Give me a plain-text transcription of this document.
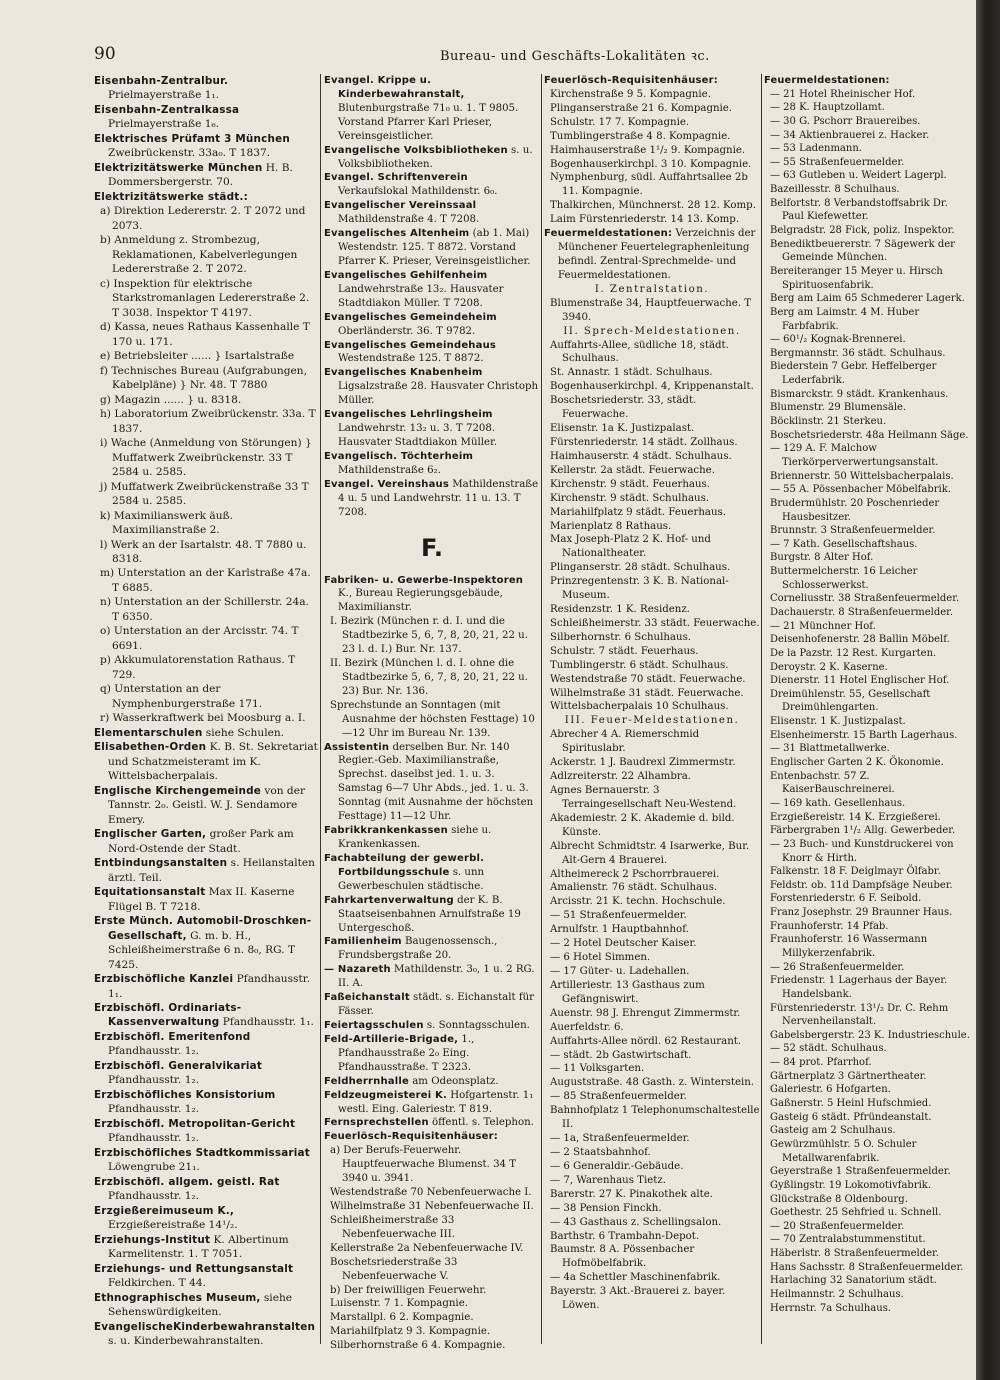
90	Bureau- und Geschäfts-Lokalitäten ꝛc.
Eisenbahn-Zentralbur. Prielmayerstraße 1₁.
Eisenbahn-Zentralkassa Prielmayerstraße 1₆.
Elektrisches Prüfamt 3 München Zweibrückenstr. 33a₀. T 1837.
Elektrizitätswerke München H. B. Dommersbergerstr. 70.
Elektrizitätswerke städt.:
a) Direktion Ledererstr. 2. T 2072 und 2073.
b) Anmeldung z. Strombezug, Reklamationen, Kabelverlegungen Ledererstraße 2. T 2072.
c) Inspektion für elektrische Starkstromanlagen Ledererstraße 2. T 3038. Inspektor T 4197.
d) Kassa, neues Rathaus Kassenhalle T 170 u. 171.
e) Betriebsleiter ...... } Isartalstraße
f) Technisches Bureau (Aufgrabungen, Kabelpläne) } Nr. 48. T 7880
g) Magazin ...... } u. 8318.
h) Laboratorium Zweibrückenstr. 33a. T 1837.
i) Wache (Anmeldung von Störungen) } Muffatwerk Zweibrückenstr. 33 T 2584 u. 2585.
j) Muffatwerk Zweibrückenstraße 33 T 2584 u. 2585.
k) Maximilianswerk äuß. Maximilianstraße 2.
l) Werk an der Isartalstr. 48. T 7880 u. 8318.
m) Unterstation an der Karlstraße 47a. T 6885.
n) Unterstation an der Schillerstr. 24a. T 6350.
o) Unterstation an der Arcisstr. 74. T 6691.
p) Akkumulatorenstation Rathaus. T 729.
q) Unterstation an der Nymphenburgerstraße 171.
r) Wasserkraftwerk bei Moosburg a. I.
Elementarschulen siehe Schulen.
Elisabethen-Orden K. B. St. Sekretariat und Schatzmeisteramt im K. Wittelsbacherpalais.
Englische Kirchengemeinde von der Tannstr. 2₀. Geistl. W. J. Sendamore Emery.
Englischer Garten, großer Park am Nord-Ostende der Stadt.
Entbindungsanstalten s. Heilanstalten ärztl. Teil.
Equitationsanstalt Max II. Kaserne Flügel B. T 7218.
Erste Münch. Automobil-Droschken-Gesellschaft, G. m. b. H., Schleißheimerstraße 6 n. 8₀, RG. T 7425.
Erzbischöfliche Kanzlei Pfandhausstr. 1₁.
Erzbischöfl. Ordinariats-Kassenverwaltung Pfandhausstr. 1₁.
Erzbischöfl. Emeritenfond Pfandhausstr. 1₂.
Erzbischöfl. Generalvikariat Pfandhausstr. 1₂.
Erzbischöfliches Konsistorium Pfandhausstr. 1₂.
Erzbischöfl. Metropolitan-Gericht Pfandhausstr. 1₂.
Erzbischöfliches Stadtkommissariat Löwengrube 21₁.
Erzbischöfl. allgem. geistl. Rat Pfandhausstr. 1₂.
Erzgießereimuseum K., Erzgießereistraße 14¹/₂.
Erziehungs-Institut K. Albertinum Karmelitenstr. 1. T 7051.
Erziehungs- und Rettungsanstalt Feldkirchen. T 44.
Ethnographisches Museum, siehe Sehenswürdigkeiten.
EvangelischeKinderbewahranstalten s. u. Kinderbewahranstalten.
Evangel. Krippe u. Kinderbewahranstalt, Blutenburgstraße 71₀ u. 1. T 9805. Vorstand Pfarrer Karl Prieser, Vereinsgeistlicher.
Evangelische Volksbibliotheken s. u. Volksbibliotheken.
Evangel. Schriftenverein Verkaufslokal Mathildenstr. 6₀.
Evangelischer Vereinssaal Mathildenstraße 4. T 7208.
Evangelisches Altenheim (ab 1. Mai) Westendstr. 125. T 8872. Vorstand Pfarrer K. Prieser, Vereinsgeistlicher.
Evangelisches Gehilfenheim Landwehrstraße 13₂. Hausvater Stadtdiakon Müller. T 7208.
Evangelisches Gemeindeheim Oberländerstr. 36. T 9782.
Evangelisches Gemeindehaus Westendstraße 125. T 8872.
Evangelisches Knabenheim Ligsalzstraße 28. Hausvater Christoph Müller.
Evangelisches Lehrlingsheim Landwehrstr. 13₂ u. 3. T 7208. Hausvater Stadtdiakon Müller.
Evangelisch. Töchterheim Mathildenstraße 6₂.
Evangel. Vereinshaus Mathildenstraße 4 u. 5 und Landwehrstr. 11 u. 13. T 7208.
F.
Fabriken- u. Gewerbe-Inspektoren K., Bureau Regierungsgebäude, Maximilianstr.
I. Bezirk (München r. d. I. und die Stadtbezirke 5, 6, 7, 8, 20, 21, 22 u. 23 l. d. I.) Bur. Nr. 137.
II. Bezirk (München l. d. I. ohne die Stadtbezirke 5, 6, 7, 8, 20, 21, 22 u. 23) Bur. Nr. 136.
Sprechstunde an Sonntagen (mit Ausnahme der höchsten Festtage) 10—12 Uhr im Bureau Nr. 139.
Assistentin derselben Bur. Nr. 140 Regier.-Geb. Maximilianstraße, Sprechst. daselbst jed. 1. u. 3. Samstag 6—7 Uhr Abds., jed. 1. u. 3. Sonntag (mit Ausnahme der höchsten Festtage) 11—12 Uhr.
Fabrikkrankenkassen siehe u. Krankenkassen.
Fachabteilung der gewerbl. Fortbildungsschule s. unn Gewerbeschulen städtische.
Fahrkartenverwaltung der K. B. Staatseisenbahnen Arnulfstraße 19 Untergeschoß.
Familienheim Baugenossensch., Frundsbergstraße 20.
— Nazareth Mathildenstr. 3₀, 1 u. 2 RG. II. A.
Faßeichanstalt städt. s. Eichanstalt für Fässer.
Feiertagsschulen s. Sonntagsschulen.
Feld-Artillerie-Brigade, 1., Pfandhausstraße 2₀ Eing. Pfandhausstraße. T 2323.
Feldherrnhalle am Odeonsplatz.
Feldzeugmeisterei K. Hofgartenstr. 1₁ westl. Eing. Galeriestr. T 819.
Fernsprechstellen öffentl. s. Telephon.
Feuerlösch-Requisitenhäuser:
a) Der Berufs-Feuerwehr. Hauptfeuerwache Blumenst. 34 T 3940 u. 3941.
Westendstraße 70 Nebenfeuerwache I.
Wilhelmstraße 31 Nebenfeuerwache II.
Schleißheimerstraße 33 Nebenfeuerwache III.
Kellerstraße 2a Nebenfeuerwache IV.
Boschetsriederstraße 33 Nebenfeuerwache V.
b) Der freiwilligen Feuerwehr.
Luisenstr. 7 1. Kompagnie.
Marstallpl. 6 2. Kompagnie.
Mariahilfplatz 9 3. Kompagnie.
Silberhornstraße 6 4. Kompagnie.
Feuerlösch-Requisitenhäuser:
Kirchenstraße 9 5. Kompagnie.
Plinganserstraße 21 6. Kompagnie.
Schulstr. 17 7. Kompagnie.
Tumblingerstraße 4 8. Kompagnie.
Haimhauserstraße 1¹/₂ 9. Kompagnie.
Bogenhauserkirchpl. 3 10. Kompagnie.
Nymphenburg, südl. Auffahrtsallee 2b 11. Kompagnie.
Thalkirchen, Münchnerst. 28 12. Komp.
Laim Fürstenriederstr. 14 13. Komp.
Feuermeldestationen: Verzeichnis der Münchener Feuertelegraphenleitung befindl. Zentral-Sprechmelde- und Feuermeldestationen.
I. Zentralstation.
Blumenstraße 34, Hauptfeuerwache. T 3940.
II. Sprech-Meldestationen.
Auffahrts-Allee, südliche 18, städt. Schulhaus.
St. Annastr. 1 städt. Schulhaus.
Bogenhauserkirchpl. 4, Krippenanstalt.
Boschetsriederstr. 33, städt. Feuerwache.
Elisenstr. 1a K. Justizpalast.
Fürstenriederstr. 14 städt. Zollhaus.
Haimhauserstr. 4 städt. Schulhaus.
Kellerstr. 2a städt. Feuerwache.
Kirchenstr. 9 städt. Feuerhaus.
Kirchenstr. 9 städt. Schulhaus.
Mariahilfplatz 9 städt. Feuerhaus.
Marienplatz 8 Rathaus.
Max Joseph-Platz 2 K. Hof- und Nationaltheater.
Plinganserstr. 28 städt. Schulhaus.
Prinzregentenstr. 3 K. B. National-Museum.
Residenzstr. 1 K. Residenz.
Schleißheimerstr. 33 städt. Feuerwache.
Silberhornstr. 6 Schulhaus.
Schulstr. 7 städt. Feuerhaus.
Tumblingerstr. 6 städt. Schulhaus.
Westendstraße 70 städt. Feuerwache.
Wilhelmstraße 31 städt. Feuerwache.
Wittelsbacherpalais 10 Schulhaus.
III. Feuer-Meldestationen.
Abrecher 4 A. Riemerschmid Spirituslabr.
Ackerstr. 1 J. Baudrexl Zimmermstr.
Adlzreiterstr. 22 Alhambra.
Agnes Bernauerstr. 3 Terraingesellschaft Neu-Westend.
Akademiestr. 2 K. Akademie d. bild. Künste.
Albrecht Schmidtstr. 4 Isarwerke, Bur. Alt-Gern 4 Brauerei.
Altheimereck 2 Pschorrbrauerei.
Amalienstr. 76 städt. Schulhaus.
Arcisstr. 21 K. techn. Hochschule.
— 51 Straßenfeuermelder.
Arnulfstr. 1 Hauptbahnhof.
— 2 Hotel Deutscher Kaiser.
— 6 Hotel Simmen.
— 17 Güter- u. Ladehallen.
Artilleriestr. 13 Gasthaus zum Gefängniswirt.
Auenstr. 98 J. Ehrengut Zimmermstr.
Auerfeldstr. 6.
Auffahrts-Allee nördl. 62 Restaurant.
— städt. 2b Gastwirtschaft.
— 11 Volksgarten.
Auguststraße. 48 Gasth. z. Winterstein.
— 85 Straßenfeuermelder.
Bahnhofplatz 1 Telephonumschaltestelle II.
— 1a, Straßenfeuermelder.
— 2 Staatsbahnhof.
— 6 Generaldir.-Gebäude.
— 7, Warenhaus Tietz.
Barerstr. 27 K. Pinakothek alte.
— 38 Pension Finckh.
— 43 Gasthaus z. Schellingsalon.
Barthstr. 6 Trambahn-Depot.
Baumstr. 8 A. Pössenbacher Hofmöbelfabrik.
— 4a Schettler Maschinenfabrik.
Bayerstr. 3 Akt.-Brauerei z. bayer. Löwen.
Feuermeldestationen:
— 21 Hotel Rheinischer Hof.
— 28 K. Hauptzollamt.
— 30 G. Pschorr Brauereibes.
— 34 Aktienbrauerei z. Hacker.
— 53 Ladenmann.
— 55 Straßenfeuermelder.
— 63 Gutleben u. Weidert Lagerpl.
Bazeillesstr. 8 Schulhaus.
Belfortstr. 8 Verbandstoffsabrik Dr. Paul Kiefewetter.
Belgradstr. 28 Fick, poliz. Inspektor.
Benediktbeuererstr. 7 Sägewerk der Gemeinde München.
Bereiteranger 15 Meyer u. Hirsch Spirituosenfabrik.
Berg am Laim 65 Schmederer Lagerk.
Berg am Laimstr. 4 M. Huber Farbfabrik.
— 60¹/₂ Kognak-Brennerei.
Bergmannstr. 36 städt. Schulhaus.
Biederstein 7 Gebr. Heffelberger Lederfabrik.
Bismarckstr. 9 städt. Krankenhaus.
Blumenstr. 29 Blumensäle.
Böcklinstr. 21 Sterkeu.
Boschetsriederstr. 48a Heilmann Säge.
— 129 A. F. Malchow Tierkörperverwertungsanstalt.
Briennerstr. 50 Wittelsbacherpalais.
— 55 A. Pössenbacher Möbelfabrik.
Brudermühlstr. 20 Poschenrieder Hausbesitzer.
Brunnstr. 3 Straßenfeuermelder.
— 7 Kath. Gesellschaftshaus.
Burgstr. 8 Alter Hof.
Buttermelcherstr. 16 Leicher Schlosserwerkst.
Corneliusstr. 38 Straßenfeuermelder.
Dachauerstr. 8 Straßenfeuermelder.
— 21 Münchner Hof.
Deisenhofenerstr. 28 Ballin Möbelf.
De la Paz​str. 12 Rest. Kurgarten.
Deroystr. 2 K. Kaserne.
Dienerstr. 11 Hotel Englischer Hof.
Dreimühlenstr. 55, Gesellschaft Dreimühlengarten.
Elisenstr. 1 K. Justizpalast.
Elsenheimerstr. 15 Barth Lagerhaus.
— 31 Blattmetallwerke.
Englischer Garten 2 K. Ökonomie.
Entenbachstr. 57 Z. KaiserBauschreinerei.
— 169 kath. Gesellenhaus.
Erzgießereistr. 14 K. Erzgießerei.
Färbergraben 1¹/₂ Allg. Gewerbeder.
— 23 Buch- und Kunstdruckerei von Knorr & Hirth.
Falkenstr. 18 F. Deiglmayr Ölfabr.
Feldstr. ob. 11d Dampfsäge Neuber.
Forstenriederstr. 6 F. Seibold.
Franz Josephstr. 29 Braunner Haus.
Fraunhoferstr. 14 Pfab.
Fraunhoferstr. 16 Wassermann Millykerzenfabrik.
— 26 Straßenfeuermelder.
Friedenstr. 1 Lagerhaus der Bayer. Handelsbank.
Fürstenriederstr. 13¹/₂ Dr. C. Rehm Nervenheilanstalt.
Gabelsbergerstr. 23 K. Industrieschule.
— 52 städt. Schulhaus.
— 84 prot. Pfarrhof.
Gärtnerplatz 3 Gärtnertheater.
Galeriestr. 6 Hofgarten.
Gaßnerstr. 5 Heinl Hufschmied.
Gasteig 6 städt. Pfründeanstalt.
Gasteig am 2 Schulhaus.
Gewürzmühlstr. 5 O. Schuler Metallwarenfabrik.
Geyerstraße 1 Straßenfeuermelder.
Gyßlingstr. 19 Lokomotivfabrik.
Glückstraße 8 Oldenbourg.
Goethestr. 25 Sehfried u. Schnell.
— 20 Straßenfeuermelder.
— 70 Zentralabstummenstitut.
Häberlstr. 8 Straßenfeuermelder.
Hans Sachsstr. 8 Straßenfeuermelder.
Harlaching 32 Sanatorium städt.
Heilmannstr. 2 Schulhaus.
Herrnstr. 7a Schulhaus.
